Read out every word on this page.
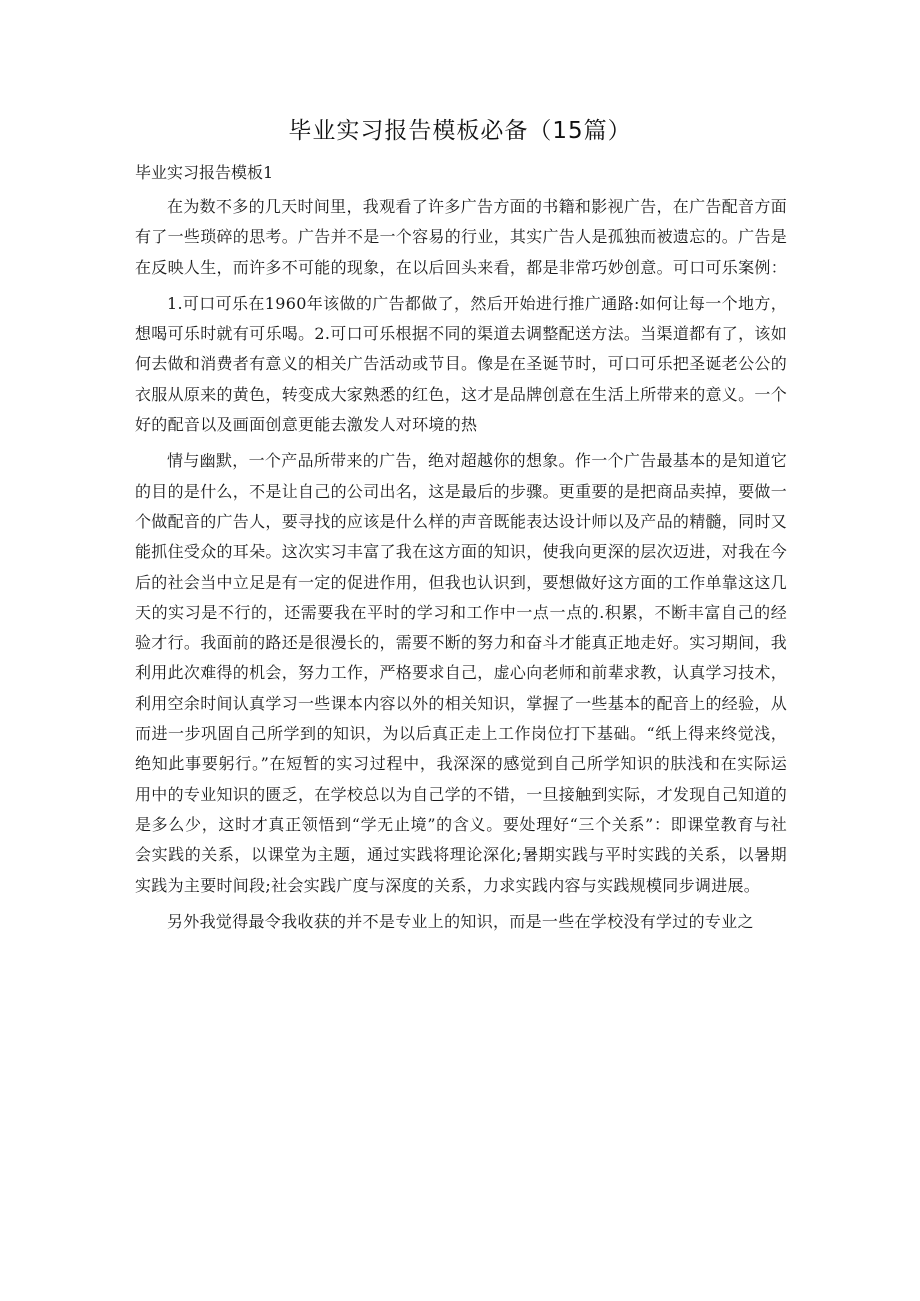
毕业实习报告模板必备（15篇）
毕业实习报告模板1

在为数不多的几天时间里，我观看了许多广告方面的书籍和影视广告，在广告配音方面有了一些琐碎的思考。广告并不是一个容易的行业，其实广告人是孤独而被遗忘的。广告是在反映人生，而许多不可能的现象，在以后回头来看，都是非常巧妙创意。可口可乐案例：

1.可口可乐在1960年该做的广告都做了，然后开始进行推广通路:如何让每一个地方，想喝可乐时就有可乐喝。2.可口可乐根据不同的渠道去调整配送方法。当渠道都有了，该如何去做和消费者有意义的相关广告活动或节目。像是在圣诞节时，可口可乐把圣诞老公公的衣服从原来的黄色，转变成大家熟悉的红色，这才是品牌创意在生活上所带来的意义。一个好的配音以及画面创意更能去激发人对环境的热

情与幽默，一个产品所带来的广告，绝对超越你的想象。作一个广告最基本的是知道它的目的是什么，不是让自己的公司出名，这是最后的步骤。更重要的是把商品卖掉，要做一个做配音的广告人，要寻找的应该是什么样的声音既能表达设计师以及产品的精髓，同时又能抓住受众的耳朵。这次实习丰富了我在这方面的知识，使我向更深的层次迈进，对我在今后的社会当中立足是有一定的促进作用，但我也认识到，要想做好这方面的工作单靠这这几天的实习是不行的，还需要我在平时的学习和工作中一点一点的.积累，不断丰富自己的经验才行。我面前的路还是很漫长的，需要不断的努力和奋斗才能真正地走好。实习期间，我利用此次难得的机会，努力工作，严格要求自己，虚心向老师和前辈求教，认真学习技术，利用空余时间认真学习一些课本内容以外的相关知识，掌握了一些基本的配音上的经验，从而进一步巩固自己所学到的知识，为以后真正走上工作岗位打下基础。“纸上得来终觉浅，绝知此事要躬行。”在短暂的实习过程中，我深深的感觉到自己所学知识的肤浅和在实际运用中的专业知识的匮乏，在学校总以为自己学的不错，一旦接触到实际，才发现自己知道的是多么少，这时才真正领悟到“学无止境”的含义。要处理好“三个关系”：即课堂教育与社会实践的关系，以课堂为主题，通过实践将理论深化;暑期实践与平时实践的关系，以暑期实践为主要时间段;社会实践广度与深度的关系，力求实践内容与实践规模同步调进展。

另外我觉得最令我收获的并不是专业上的知识，而是一些在学校没有学过的专业之
